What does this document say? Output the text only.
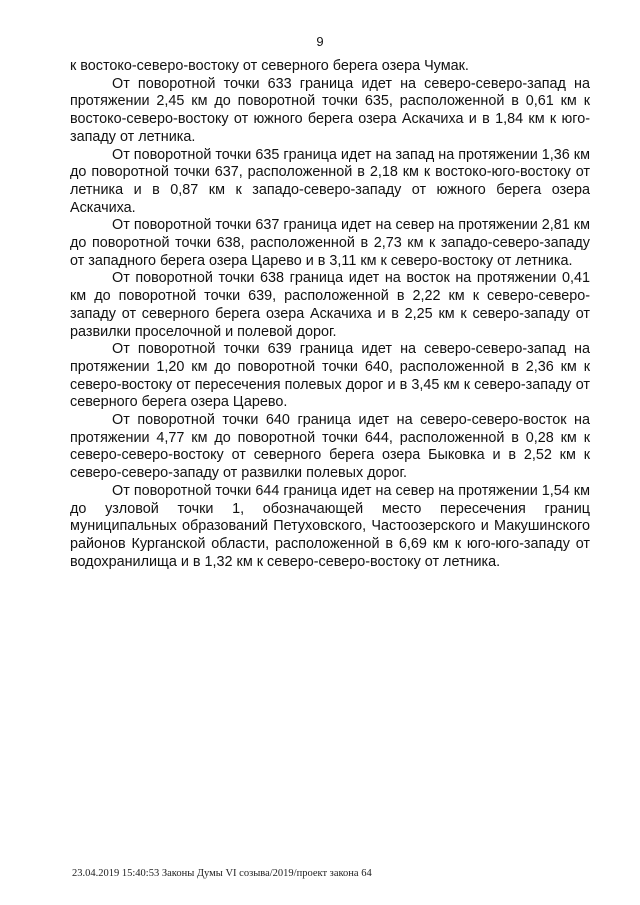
9

к востоко-северо-востоку от северного берега озера Чумак.

От поворотной точки 633 граница идет на северо-северо-запад на протяжении 2,45 км до поворотной точки 635, расположенной в 0,61 км к востоко-северо-востоку от южного берега озера Аскачиха и в 1,84 км к юго-западу от летника.

От поворотной точки 635 граница идет на запад на протяжении 1,36 км до поворотной точки 637, расположенной в 2,18 км к востоко-юго-востоку от летника и в 0,87 км к западо-северо-западу от южного берега озера Аскачиха.

От поворотной точки 637 граница идет на север на протяжении 2,81 км до поворотной точки 638, расположенной в 2,73 км к западо-северо-западу от западного берега озера Царево и в 3,11 км к северо-востоку от летника.

От поворотной точки 638 граница идет на восток на протяжении 0,41 км до поворотной точки 639, расположенной в 2,22 км к северо-северо-западу от северного берега озера Аскачиха и в 2,25 км к северо-западу от развилки проселочной и полевой дорог.

От поворотной точки 639 граница идет на северо-северо-запад на протяжении 1,20 км до поворотной точки 640, расположенной в 2,36 км к северо-востоку от пересечения полевых дорог и в 3,45 км к северо-западу от северного берега озера Царево.

От поворотной точки 640 граница идет на северо-северо-восток на протяжении 4,77 км до поворотной точки 644, расположенной в 0,28 км к северо-северо-востоку от северного берега озера Быковка и в 2,52 км к северо-северо-западу от развилки полевых дорог.

От поворотной точки 644 граница идет на север на протяжении 1,54 км до узловой точки 1, обозначающей место пересечения границ муниципальных образований Петуховского, Частоозерского и Макушинского районов Курганской области, расположенной в 6,69 км к юго-юго-западу от водохранилища и в 1,32 км к северо-северо-востоку от летника.

23.04.2019 15:40:53 Законы Думы VI созыва/2019/проект закона 64
